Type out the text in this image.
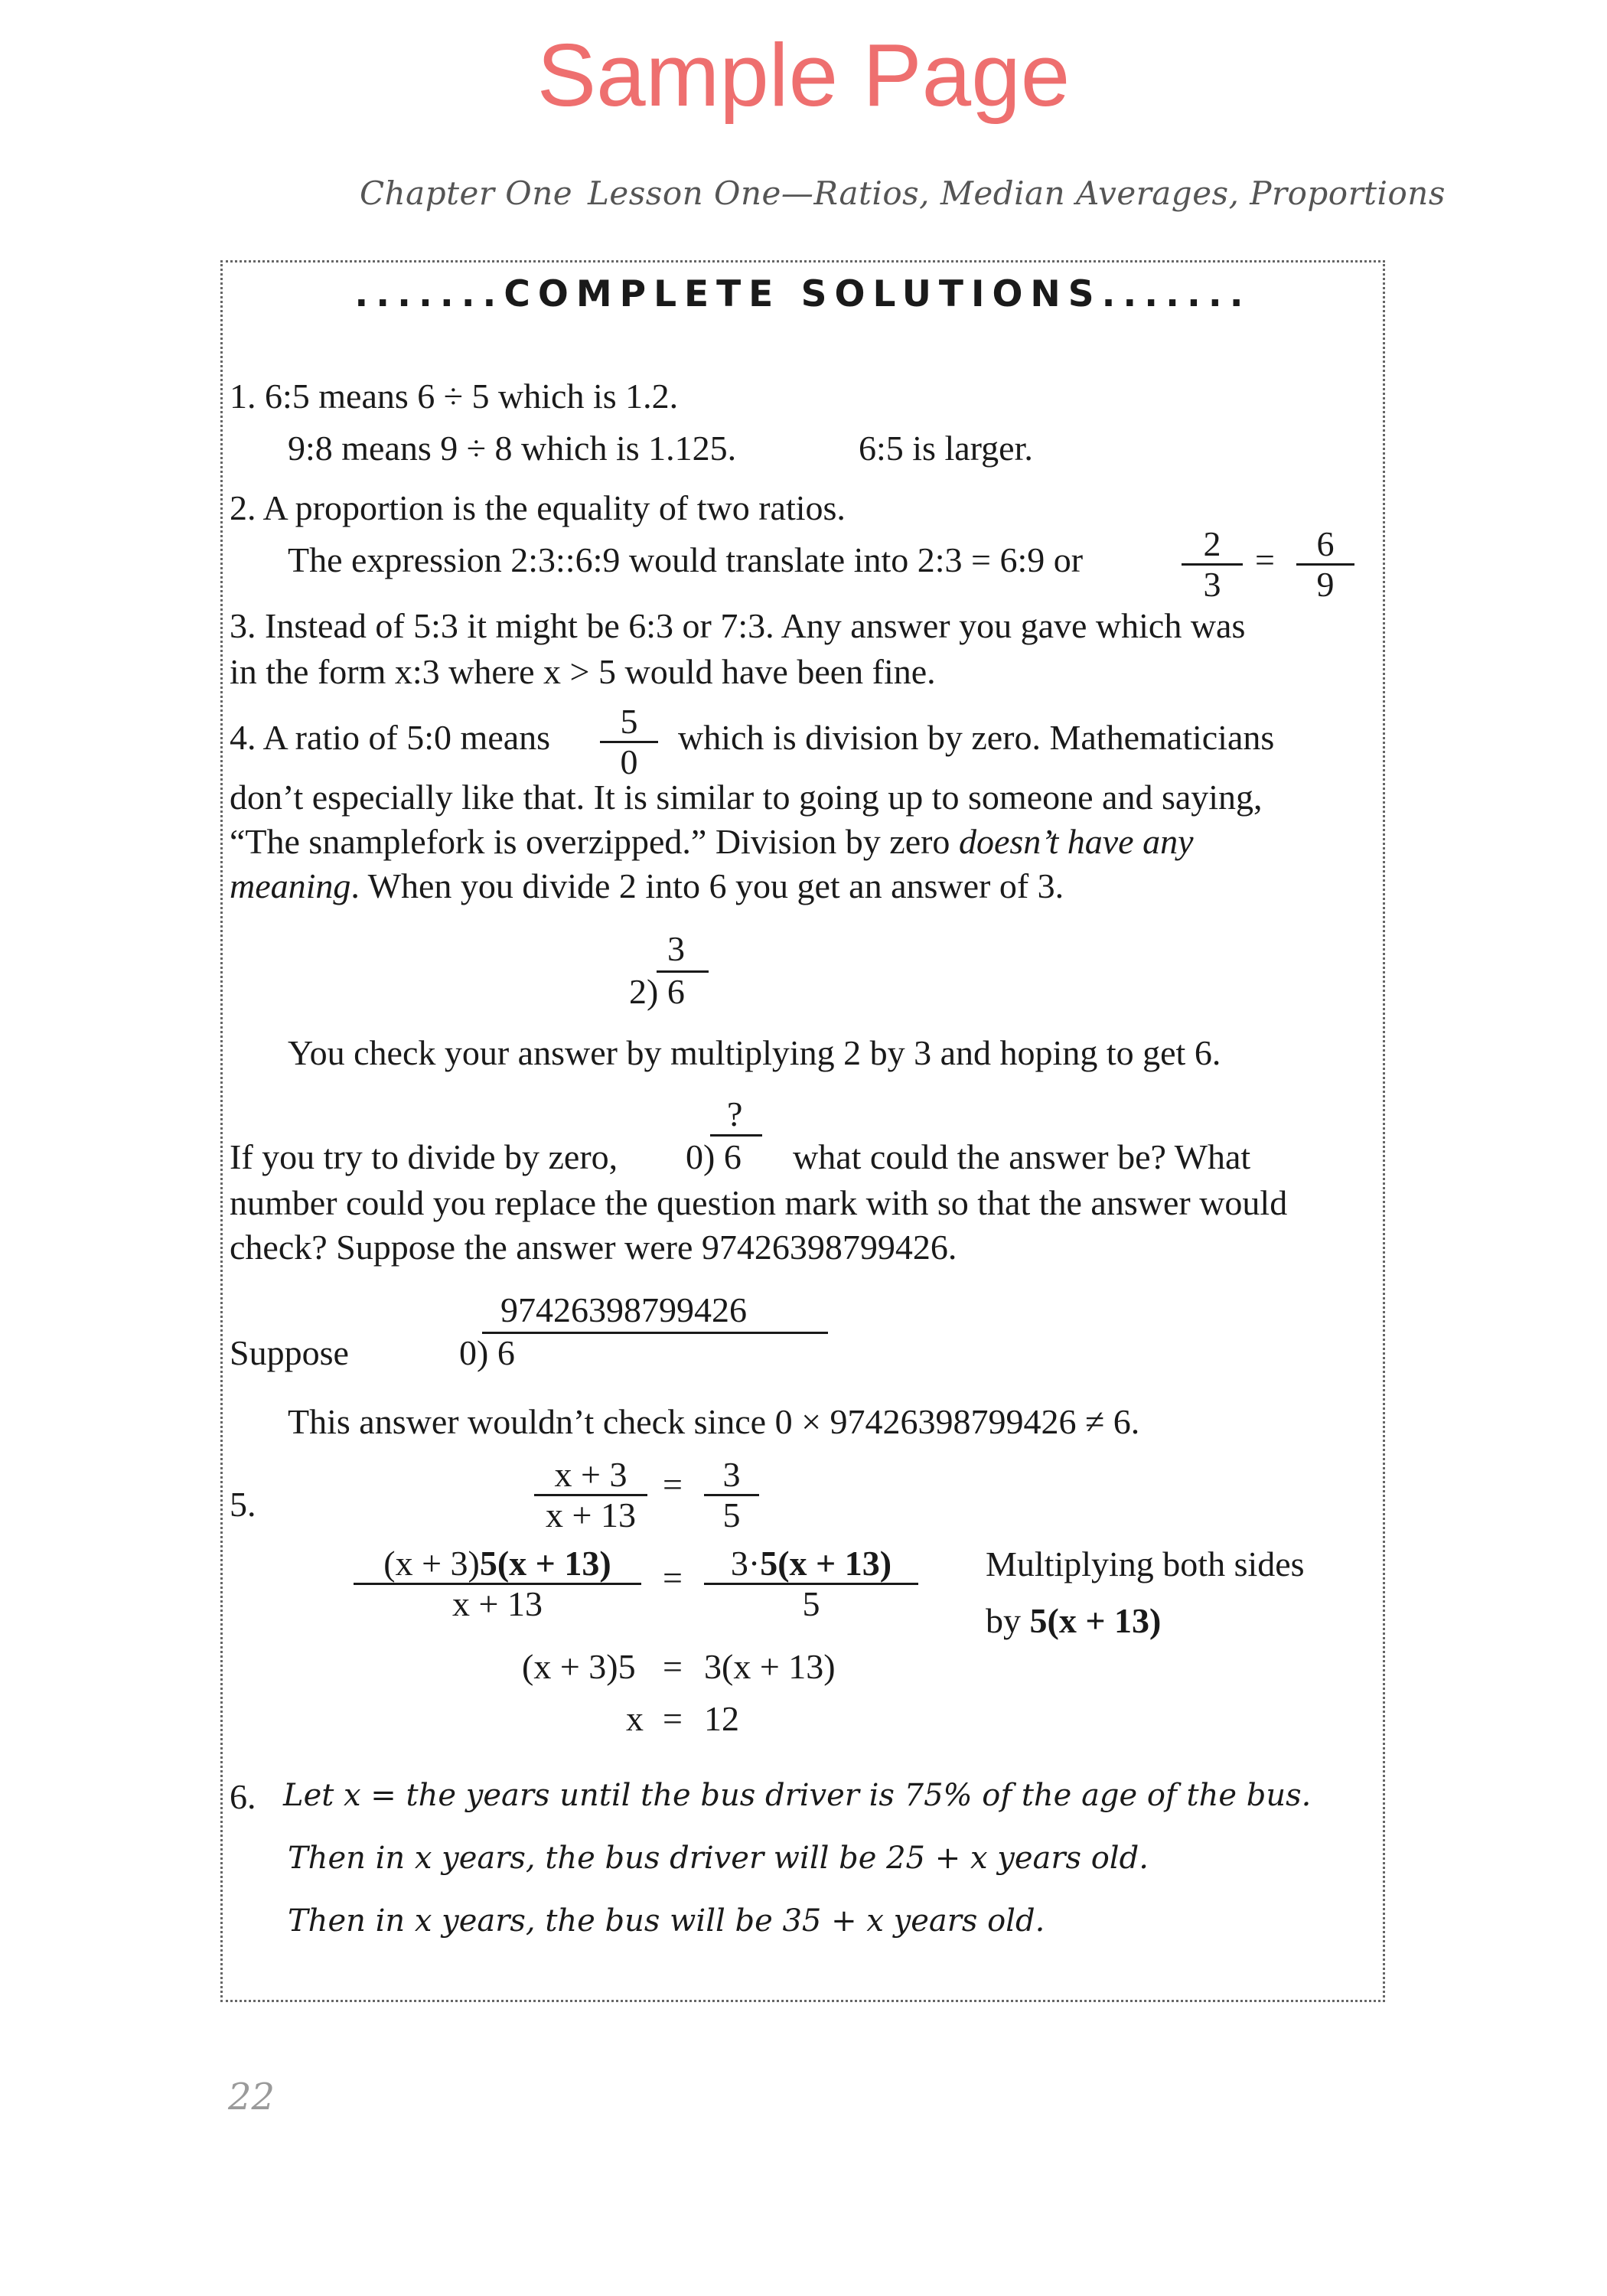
Sample Page
Chapter One Lesson One—Ratios, Median Averages, Proportions
.......COMPLETE SOLUTIONS.......
1. 6:5 means 6 ÷ 5 which is 1.2.
9:8 means 9 ÷ 8 which is 1.125.	6:5 is larger.
2. A proportion is the equality of two ratios.
The expression 2:3::6:9 would translate into 2:3 = 6:9 or	2
3
=	6
9
3. Instead of 5:3 it might be 6:3 or 7:3. Any answer you gave which was
in the form x:3 where x > 5 would have been fine.
4. A ratio of 5:0 means	5
0
which is division by zero. Mathematicians
don’t especially like that. It is similar to going up to someone and saying,
“The snamplefork is overzipped.” Division by zero doesn’t have any
meaning. When you divide 2 into 6 you get an answer of 3.
3
2) 6
You check your answer by multiplying 2 by 3 and hoping to get 6.
?
If you try to divide by zero, 0) 6 what could the answer be? What
number could you replace the question mark with so that the answer would
check? Suppose the answer were 97426398799426.
97426398799426
Suppose	0) 6
This answer wouldn’t check since 0 × 97426398799426 ≠ 6.
5.
x + 3
x + 13
=	3
5
(x + 3)5(x + 13)
x + 13
=	3·5(x + 13)
5
Multiplying both sides
by 5(x + 13)
(x + 3)5 = 3(x + 13)
x = 12
6. Let x = the years until the bus driver is 75% of the age of the bus.
Then in x years, the bus driver will be 25 + x years old.
Then in x years, the bus will be 35 + x years old.
22
